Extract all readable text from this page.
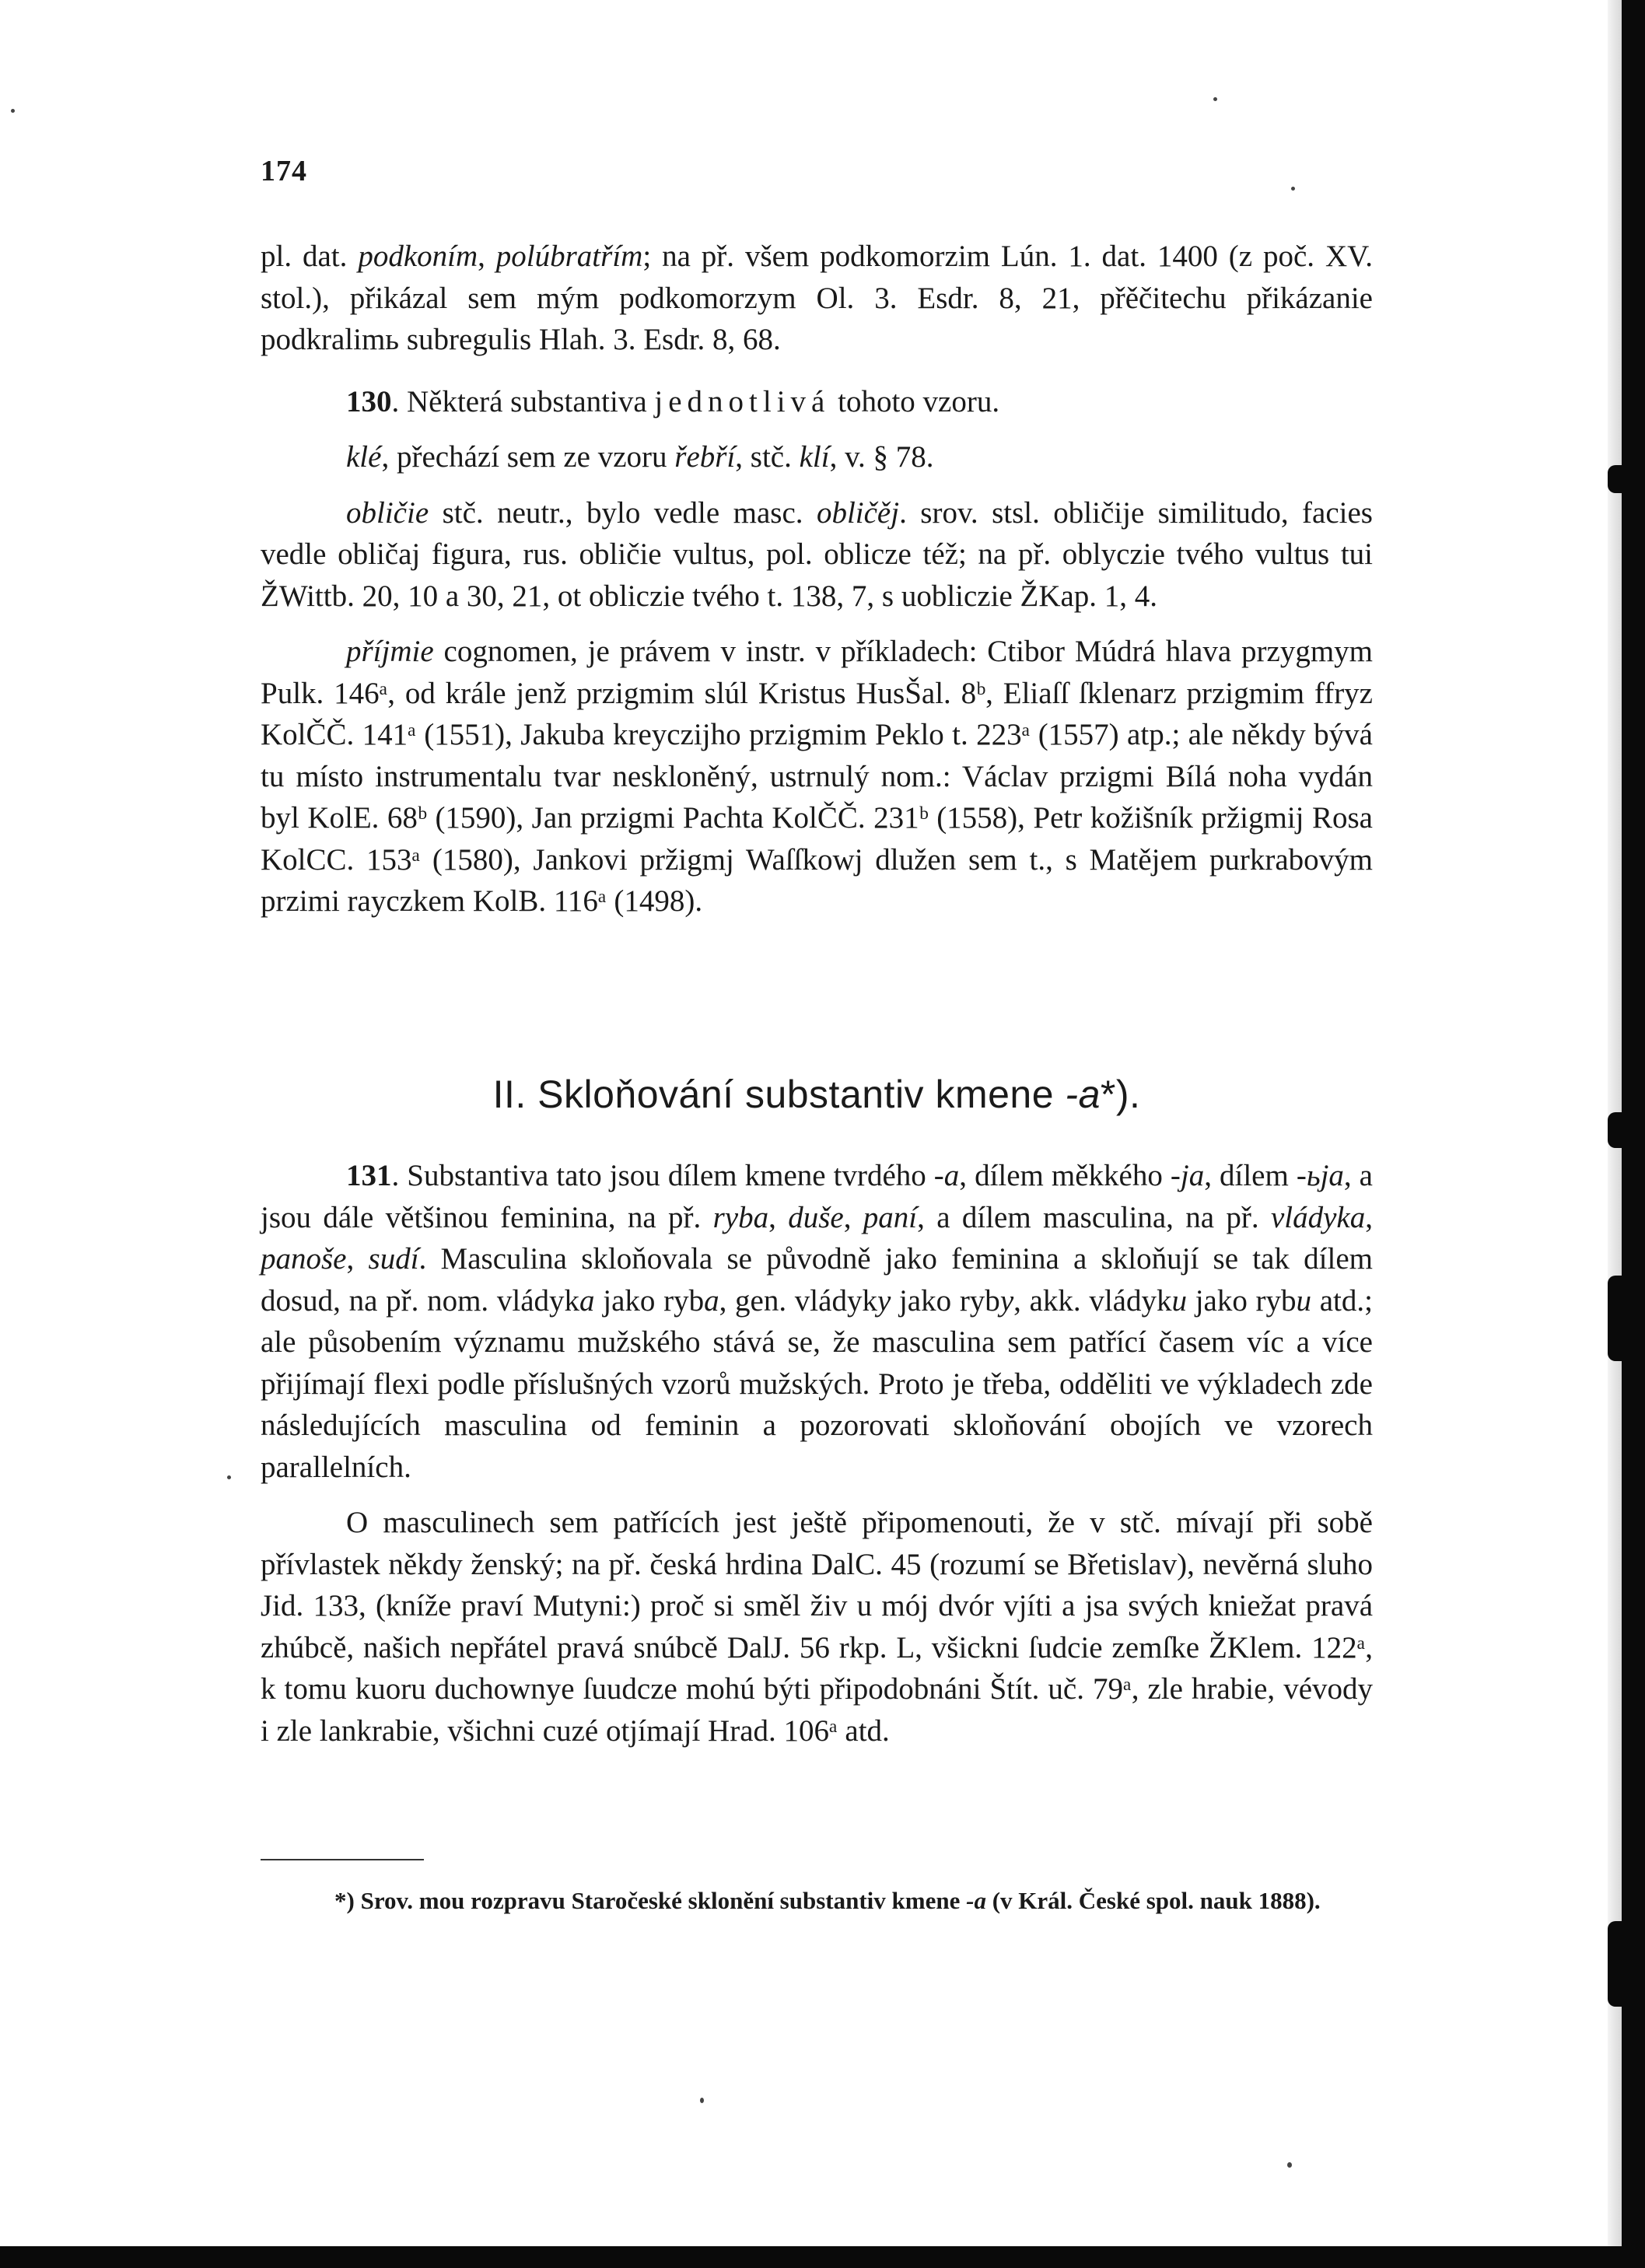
174

pl. dat. podkoním, polúbratřím; na př. všem podkomorzim Lún. 1. dat. 1400 (z poč. XV. stol.), přikázal sem mým podkomorzym Ol. 3. Esdr. 8, 21, přěčitechu přikázanie podkralimь subregulis Hlah. 3. Esdr. 8, 68.

130. Některá substantiva jednotlivá tohoto vzoru.

klé, přechází sem ze vzoru řebří, stč. klí, v. § 78.

obličie stč. neutr., bylo vedle masc. obličěj. srov. stsl. obličije similitudo, facies vedle obličaj figura, rus. obličie vultus, pol. oblicze též; na př. oblyczie tvého vultus tui ŽWittb. 20, 10 a 30, 21, ot obliczie tvého t. 138, 7, s uobliczie ŽKap. 1, 4.

příjmie cognomen, je právem v instr. v příkladech: Ctibor Múdrá hlava przygmym Pulk. 146ᵃ, od krále jenž przigmim slúl Kristus HusŠal. 8ᵇ, Eliaſſ ſklenarz przigmim ffryz KolČČ. 141ᵃ (1551), Jakuba kreyczijho przigmim Peklo t. 223ᵃ (1557) atp.; ale někdy bývá tu místo instrumentalu tvar neskloněný, ustrnulý nom.: Václav przigmi Bílá noha vydán byl KolE. 68ᵇ (1590), Jan przigmi Pachta KolČČ. 231ᵇ (1558), Petr kožišník pržigmij Rosa KolCC. 153ᵃ (1580), Jankovi pržigmj Waſſkowj dlužen sem t., s Matějem purkrabovým przimi rayczkem KolB. 116ᵃ (1498).

II. Skloňování substantiv kmene -a*).

131. Substantiva tato jsou dílem kmene tvrdého -a, dílem měkkého -ja, dílem -ьja, a jsou dále většinou feminina, na př. ryba, duše, paní, a dílem masculina, na př. vládyka, panoše, sudí. Masculina skloňovala se původně jako feminina a skloňují se tak dílem dosud, na př. nom. vládyka jako ryba, gen. vládyky jako ryby, akk. vládyku jako rybu atd.; ale působením významu mužského stává se, že masculina sem patřící časem víc a více přijímají flexi podle příslušných vzorů mužských. Proto je třeba, odděliti ve výkladech zde následujících masculina od feminin a pozorovati skloňování obojích ve vzorech parallelních.

O masculinech sem patřících jest ještě připomenouti, že v stč. mívají při sobě přívlastek někdy ženský; na př. česká hrdina DalC. 45 (rozumí se Břetislav), nevěrná sluho Jid. 133, (kníže praví Mutyni:) proč si směl živ u mój dvór vjíti a jsa svých kniežat pravá zhúbcě, našich nepřátel pravá snúbcě DalJ. 56 rkp. L, všickni ſudcie zemſke ŽKlem. 122ᵃ, k tomu kuoru duchownye ſuudcze mohú býti připodobnáni Štít. uč. 79ᵃ, zle hrabie, vévody i zle lankrabie, všichni cuzé otjímají Hrad. 106ᵃ atd.

*) Srov. mou rozpravu Staročeské sklonění substantiv kmene -a (v Král. České spol. nauk 1888).
